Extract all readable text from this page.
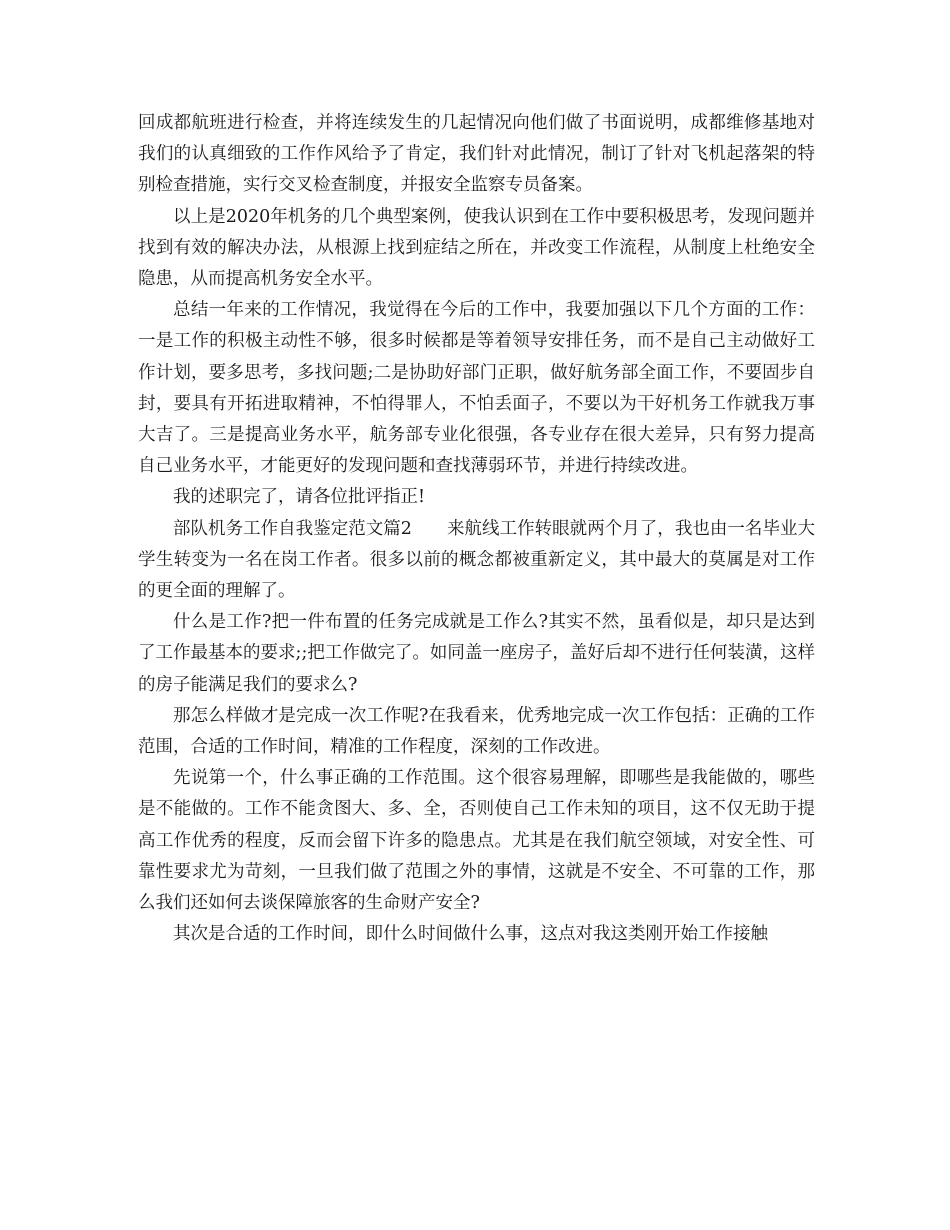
回成都航班进行检查，并将连续发生的几起情况向他们做了书面说明，成都维修基地对我们的认真细致的工作作风给予了肯定，我们针对此情况，制订了针对飞机起落架的特别检查措施，实行交叉检查制度，并报安全监察专员备案。

以上是2020年机务的几个典型案例，使我认识到在工作中要积极思考，发现问题并找到有效的解决办法，从根源上找到症结之所在，并改变工作流程，从制度上杜绝安全隐患，从而提高机务安全水平。

总结一年来的工作情况，我觉得在今后的工作中，我要加强以下几个方面的工作：一是工作的积极主动性不够，很多时候都是等着领导安排任务，而不是自己主动做好工作计划，要多思考，多找问题;二是协助好部门正职，做好航务部全面工作，不要固步自封，要具有开拓进取精神，不怕得罪人，不怕丢面子，不要以为干好机务工作就我万事大吉了。三是提高业务水平，航务部专业化很强，各专业存在很大差异，只有努力提高自己业务水平，才能更好的发现问题和查找薄弱环节，并进行持续改进。

我的述职完了，请各位批评指正!

部队机务工作自我鉴定范文篇2　　来航线工作转眼就两个月了，我也由一名毕业大学生转变为一名在岗工作者。很多以前的概念都被重新定义，其中最大的莫属是对工作的更全面的理解了。

什么是工作?把一件布置的任务完成就是工作么?其实不然，虽看似是，却只是达到了工作最基本的要求;;把工作做完了。如同盖一座房子，盖好后却不进行任何装潢，这样的房子能满足我们的要求么?

那怎么样做才是完成一次工作呢?在我看来，优秀地完成一次工作包括：正确的工作范围，合适的工作时间，精准的工作程度，深刻的工作改进。

先说第一个，什么事正确的工作范围。这个很容易理解，即哪些是我能做的，哪些是不能做的。工作不能贪图大、多、全，否则使自己工作未知的项目，这不仅无助于提高工作优秀的程度，反而会留下许多的隐患点。尤其是在我们航空领域，对安全性、可靠性要求尤为苛刻，一旦我们做了范围之外的事情，这就是不安全、不可靠的工作，那么我们还如何去谈保障旅客的生命财产安全?

其次是合适的工作时间，即什么时间做什么事，这点对我这类刚开始工作接触
